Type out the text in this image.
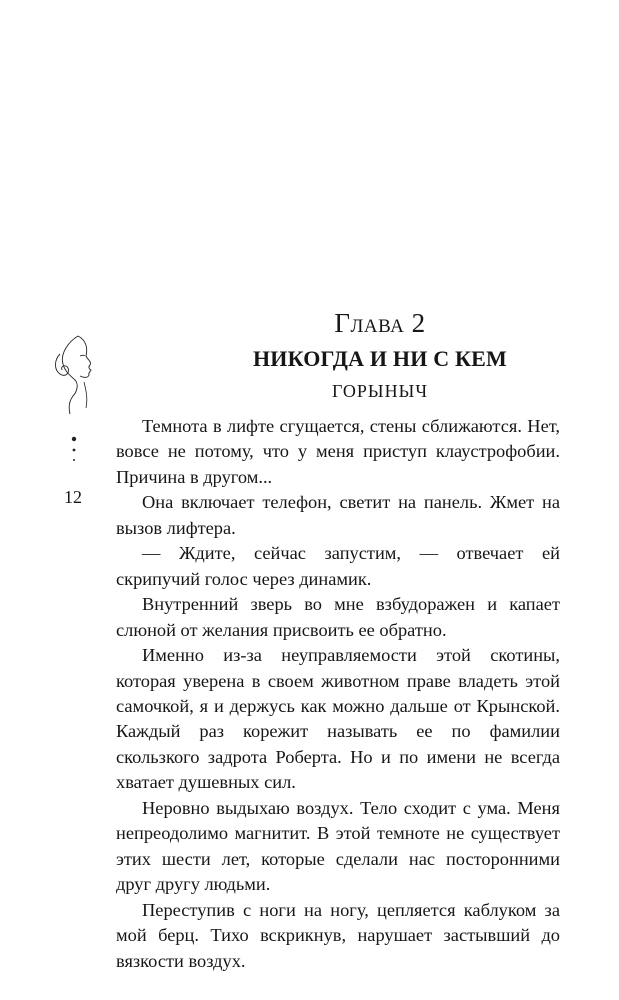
12
Глава 2
НИКОГДА И НИ С КЕМ
ГОРЫНЫЧ

Темнота в лифте сгущается, стены сближаются. Нет, вовсе не потому, что у меня приступ клаустрофобии. Причина в другом...

Она включает телефон, светит на панель. Жмет на вызов лифтера.

— Ждите, сейчас запустим, — отвечает ей скрипучий голос через динамик.

Внутренний зверь во мне взбудоражен и капает слюной от желания присвоить ее обратно.

Именно из-за неуправляемости этой скотины, которая уверена в своем животном праве владеть этой самочкой, я и держусь как можно дальше от Крынской. Каждый раз корежит называть ее по фамилии скользкого задрота Роберта. Но и по имени не всегда хватает душевных сил.

Неровно выдыхаю воздух. Тело сходит с ума. Меня непреодолимо магнитит. В этой темноте не существует этих шести лет, которые сделали нас посторонними друг другу людьми.

Переступив с ноги на ногу, цепляется каблуком за мой берц. Тихо вскрикнув, нарушает застывший до вязкости воздух.
